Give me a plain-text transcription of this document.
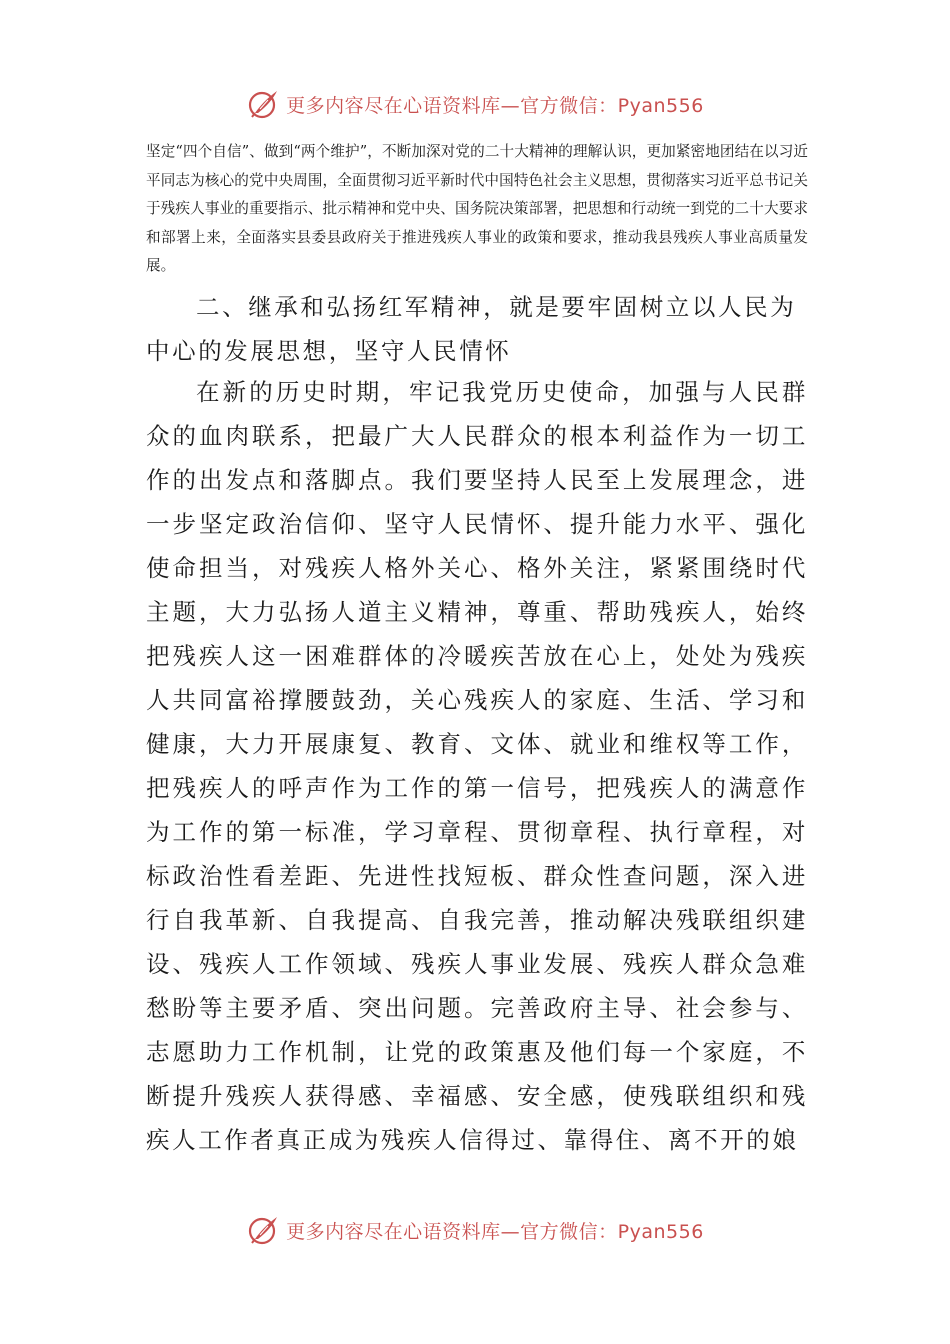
更多内容尽在心语资料库—官方微信：Pyan556

坚定“四个自信”、做到“两个维护”，不断加深对党的二十大精神的理解认识，更加紧密地团结在以习近平同志为核心的党中央周围，全面贯彻习近平新时代中国特色社会主义思想，贯彻落实习近平总书记关于残疾人事业的重要指示、批示精神和党中央、国务院决策部署，把思想和行动统一到党的二十大要求和部署上来，全面落实县委县政府关于推进残疾人事业的政策和要求，推动我县残疾人事业高质量发展。

二、继承和弘扬红军精神，就是要牢固树立以人民为中心的发展思想，坚守人民情怀

在新的历史时期，牢记我党历史使命，加强与人民群众的血肉联系，把最广大人民群众的根本利益作为一切工作的出发点和落脚点。我们要坚持人民至上发展理念，进一步坚定政治信仰、坚守人民情怀、提升能力水平、强化使命担当，对残疾人格外关心、格外关注，紧紧围绕时代主题，大力弘扬人道主义精神，尊重、帮助残疾人，始终把残疾人这一困难群体的冷暖疾苦放在心上，处处为残疾人共同富裕撑腰鼓劲，关心残疾人的家庭、生活、学习和健康，大力开展康复、教育、文体、就业和维权等工作，把残疾人的呼声作为工作的第一信号，把残疾人的满意作为工作的第一标准，学习章程、贯彻章程、执行章程，对标政治性看差距、先进性找短板、群众性查问题，深入进行自我革新、自我提高、自我完善，推动解决残联组织建设、残疾人工作领域、残疾人事业发展、残疾人群众急难愁盼等主要矛盾、突出问题。完善政府主导、社会参与、志愿助力工作机制，让党的政策惠及他们每一个家庭，不断提升残疾人获得感、幸福感、安全感，使残联组织和残疾人工作者真正成为残疾人信得过、靠得住、离不开的娘

更多内容尽在心语资料库—官方微信：Pyan556
